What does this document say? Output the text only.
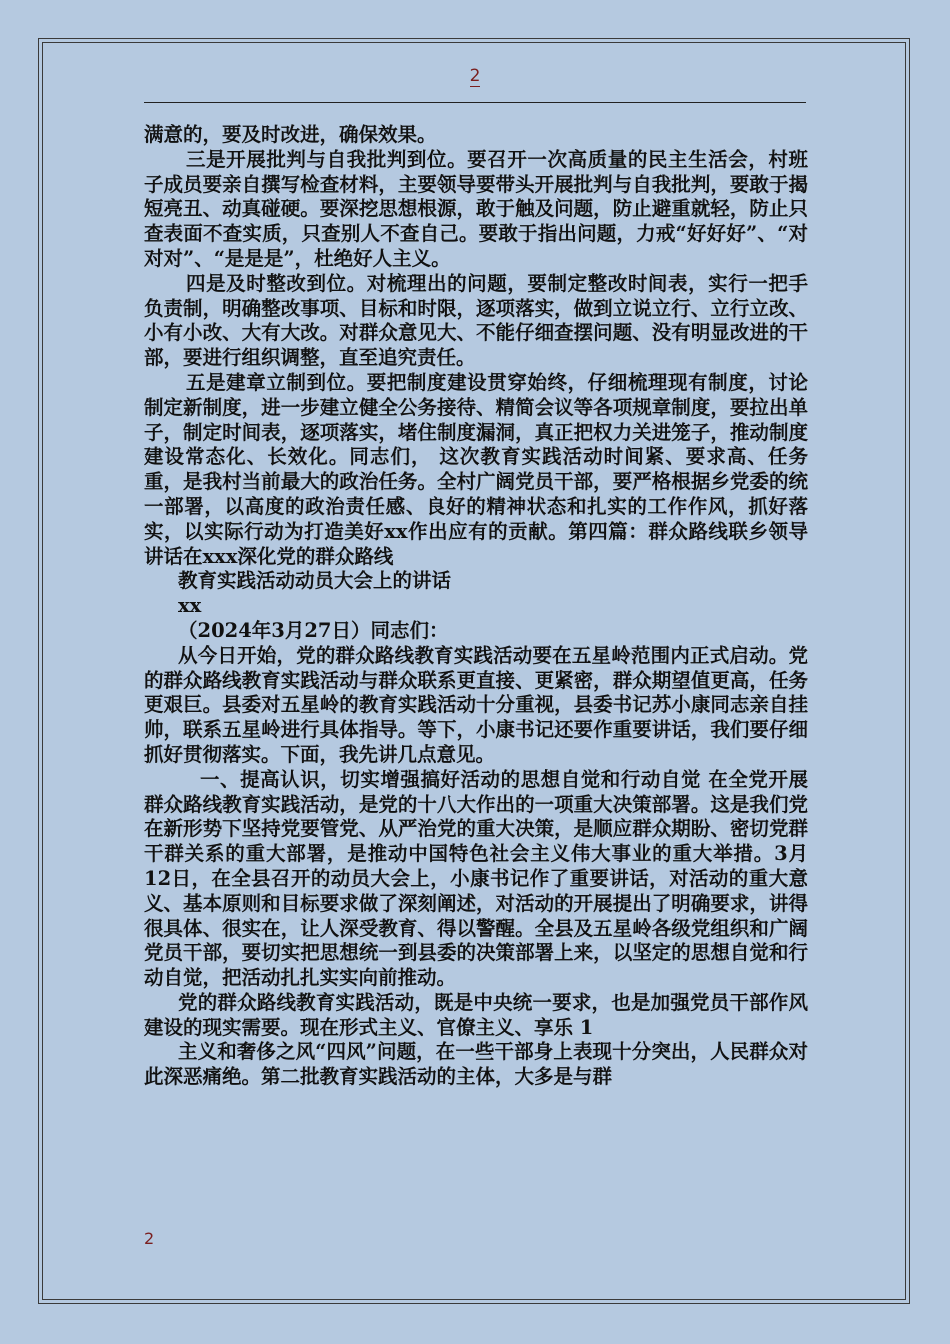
2

满意的，要及时改进，确保效果。

三是开展批判与自我批判到位。要召开一次高质量的民主生活会，村班子成员要亲自撰写检查材料，主要领导要带头开展批判与自我批判，要敢于揭短亮丑、动真碰硬。要深挖思想根源，敢于触及问题，防止避重就轻，防止只查表面不查实质，只查别人不查自己。要敢于指出问题，力戒“好好好”、“对对对”、“是是是”，杜绝好人主义。

四是及时整改到位。对梳理出的问题，要制定整改时间表，实行一把手负责制，明确整改事项、目标和时限，逐项落实，做到立说立行、立行立改、小有小改、大有大改。对群众意见大、不能仔细查摆问题、没有明显改进的干部，要进行组织调整，直至追究责任。

五是建章立制到位。要把制度建设贯穿始终，仔细梳理现有制度，讨论制定新制度，进一步建立健全公务接待、精简会议等各项规章制度，要拉出单子，制定时间表，逐项落实，堵住制度漏洞，真正把权力关进笼子，推动制度建设常态化、长效化。同志们， 这次教育实践活动时间紧、要求高、任务重，是我村当前最大的政治任务。全村广阔党员干部，要严格根据乡党委的统一部署，以高度的政治责任感、良好的精神状态和扎实的工作作风，抓好落实，以实际行动为打造美好xx作出应有的贡献。第四篇：群众路线联乡领导讲话在xxx深化党的群众路线

教育实践活动动员大会上的讲话

xx

（2024年3月27日）同志们：

从今日开始，党的群众路线教育实践活动要在五星岭范围内正式启动。党的群众路线教育实践活动与群众联系更直接、更紧密，群众期望值更高，任务更艰巨。县委对五星岭的教育实践活动十分重视，县委书记苏小康同志亲自挂帅，联系五星岭进行具体指导。等下，小康书记还要作重要讲话，我们要仔细抓好贯彻落实。下面，我先讲几点意见。

一、提高认识，切实增强搞好活动的思想自觉和行动自觉 在全党开展群众路线教育实践活动，是党的十八大作出的一项重大决策部署。这是我们党在新形势下坚持党要管党、从严治党的重大决策，是顺应群众期盼、密切党群干群关系的重大部署，是推动中国特色社会主义伟大事业的重大举措。3月12日，在全县召开的动员大会上，小康书记作了重要讲话，对活动的重大意义、基本原则和目标要求做了深刻阐述，对活动的开展提出了明确要求，讲得很具体、很实在，让人深受教育、得以警醒。全县及五星岭各级党组织和广阔党员干部，要切实把思想统一到县委的决策部署上来，以坚定的思想自觉和行动自觉，把活动扎扎实实向前推动。

党的群众路线教育实践活动，既是中央统一要求，也是加强党员干部作风建设的现实需要。现在形式主义、官僚主义、享乐 1

主义和奢侈之风“四风”问题，在一些干部身上表现十分突出，人民群众对此深恶痛绝。第二批教育实践活动的主体，大多是与群

2
